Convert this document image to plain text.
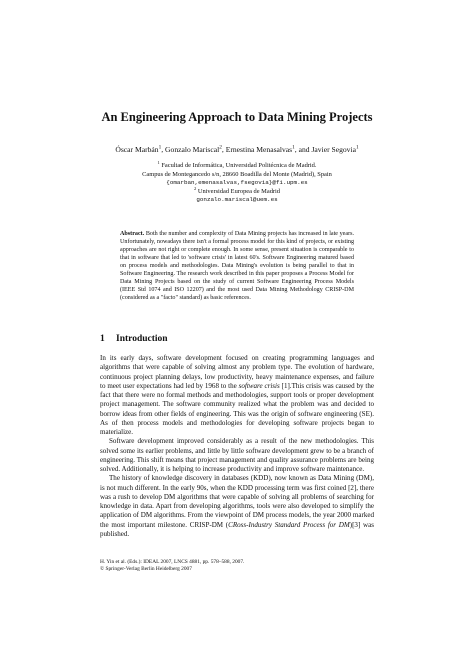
An Engineering Approach to Data Mining Projects
Óscar Marbán$^1$, Gonzalo Mariscal$^2$, Ernestina Menasalvas$^1$, and Javier Segovia$^1$
$^1$ Facultad de Informática, Universidad Politécnica de Madrid.
Campus de Montegancedo s/n, 28660 Boadilla del Monte (Madrid), Spain
{omarban,emenasalvas,fsegovia}@fi.upm.es
$^2$ Universidad Europea de Madrid
gonzalo.mariscal@uem.es
Abstract. Both the number and complexity of Data Mining projects has increased in late years. Unfortunately, nowadays there isn't a formal process model for this kind of projects, or existing approaches are not right or complete enough. In some sense, present situation is comparable to that in software that led to 'software crisis' in latest 60's. Software Engineering matured based on process models and methodologies. Data Mining's evolution is being parallel to that in Software Engineering. The research work described in this paper proposes a Process Model for Data Mining Projects based on the study of current Software Engineering Process Models (IEEE Std 1074 and ISO 12207) and the most used Data Mining Methodology CRISP-DM (considered as a "facto" standard) as basic references.
1 Introduction

In its early days, software development focused on creating programming languages and algorithms that were capable of solving almost any problem type. The evolution of hardware, continuous project planning delays, low productivity, heavy maintenance expenses, and failure to meet user expectations had led by 1968 to the software crisis [1].This crisis was caused by the fact that there were no formal methods and methodologies, support tools or proper development project management. The software community realized what the problem was and decided to borrow ideas from other fields of engineering. This was the origin of software engineering (SE). As of then process models and methodologies for developing software projects began to materialize.

Software development improved considerably as a result of the new methodologies. This solved some its earlier problems, and little by little software development grew to be a branch of engineering. This shift means that project management and quality assurance problems are being solved. Additionally, it is helping to increase productivity and improve software maintenance.

The history of knowledge discovery in databases (KDD), now known as Data Mining (DM), is not much different. In the early 90s, when the KDD processing term was first coined [2], there was a rush to develop DM algorithms that were capable of solving all problems of searching for knowledge in data. Apart from developing algorithms, tools were also developed to simplify the application of DM algorithms. From the viewpoint of DM process models, the year 2000 marked the most important milestone. CRISP-DM (CRoss-Industry Standard Process for DM)[3] was published.

H. Yin et al. (Eds.): IDEAL 2007, LNCS 4881, pp. 578–588, 2007.
© Springer-Verlag Berlin Heidelberg 2007
